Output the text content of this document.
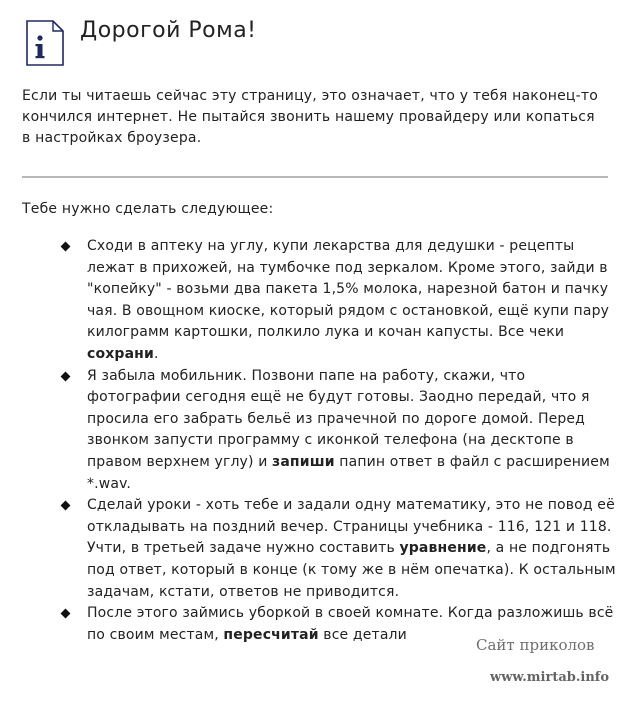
Дорогой Рома!

Если ты читаешь сейчас эту страницу, это означает, что у тебя наконец-то кончился интернет. Не пытайся звонить нашему провайдеру или копаться в настройках броузера.

Тебе нужно сделать следующее:

Сходи в аптеку на углу, купи лекарства для дедушки - рецепты лежат в прихожей, на тумбочке под зеркалом. Кроме этого, зайди в "копейку" - возьми два пакета 1,5% молока, нарезной батон и пачку чая. В овощном киоске, который рядом с остановкой, ещё купи пару килограмм картошки, полкило лука и кочан капусты. Все чеки сохрани.
Я забыла мобильник. Позвони папе на работу, скажи, что фотографии сегодня ещё не будут готовы. Заодно передай, что я просила его забрать бельё из прачечной по дороге домой. Перед звонком запусти программу с иконкой телефона (на десктопе в правом верхнем углу) и запиши папин ответ в файл с расширением *.wav.
Сделай уроки - хоть тебе и задали одну математику, это не повод её откладывать на поздний вечер. Страницы учебника - 116, 121 и 118. Учти, в третьей задаче нужно составить уравнение, а не подгонять под ответ, который в конце (к тому же в нём опечатка). К остальным задачам, кстати, ответов не приводится.
После этого займись уборкой в своей комнате. Когда разложишь всё по своим местам, пересчитай все детали
Сайт приколов
www.mirtab.info
